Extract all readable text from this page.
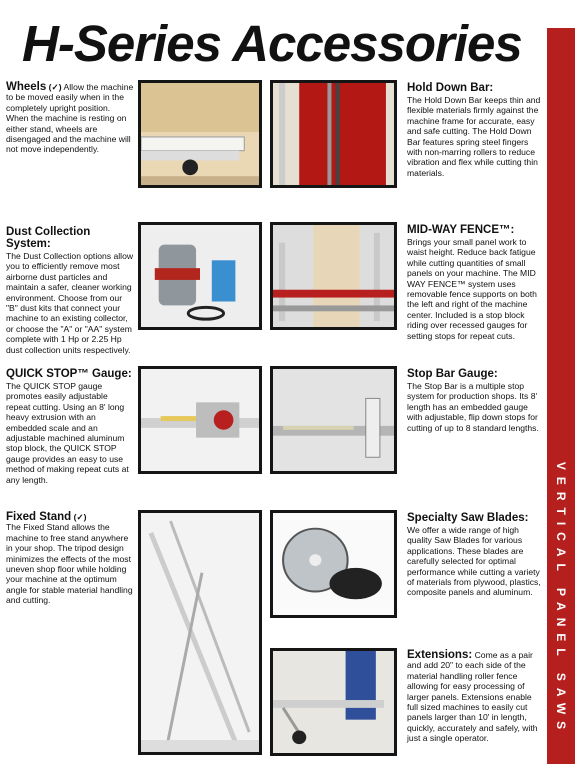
H-Series Accessories
VERTICAL PANEL SAWS

Wheels (✓) Allow the machine to be moved easily when in the completely upright position. When the machine is resting on either stand, wheels are disengaged and the machine will not move independently.

Dust Collection System:

The Dust Collection options allow you to efficiently remove most airborne dust particles and maintain a safer, cleaner working environment. Choose from our "B" dust kits that connect your machine to an existing collector, or choose the "A" or "AA" system complete with 1 Hp or 2.25 Hp dust collection units respectively.

QUICK STOP™ Gauge:

The QUICK STOP gauge promotes easily adjustable repeat cutting. Using an 8' long heavy extrusion with an embedded scale and an adjustable machined aluminum stop block, the QUICK STOP gauge provides an easy to use method of making repeat cuts at any length.

Fixed Stand (✓)

The Fixed Stand allows the machine to free stand anywhere in your shop. The tripod design minimizes the effects of the most uneven shop floor while holding your machine at the optimum angle for stable material handling and cutting.

Hold Down Bar:

The Hold Down Bar keeps thin and flexible materials firmly against the machine frame for accurate, easy and safe cutting. The Hold Down Bar features spring steel fingers with non-marring rollers to reduce vibration and flex while cutting thin materials.

MID-WAY FENCE™:

Brings your small panel work to waist height. Reduce back fatigue while cutting quantities of small panels on your machine. The MID WAY FENCE™ system uses removable fence supports on both the left and right of the machine center. Included is a stop block riding over recessed gauges for setting stops for repeat cuts.

Stop Bar Gauge:

The Stop Bar is a multiple stop system for production shops. Its 8' length has an embedded gauge with adjustable, flip down stops for cutting of up to 8 standard lengths.

Specialty Saw Blades:

We offer a wide range of high quality Saw Blades for various applications. These blades are carefully selected for optimal performance while cutting a variety of materials from plywood, plastics, composite panels and aluminum.

Extensions: Come as a pair and add 20" to each side of the material handling roller fence allowing for easy processing of larger panels. Extensions enable full sized machines to easily cut panels larger than 10' in length, quickly, accurately and safely, with just a single operator.
